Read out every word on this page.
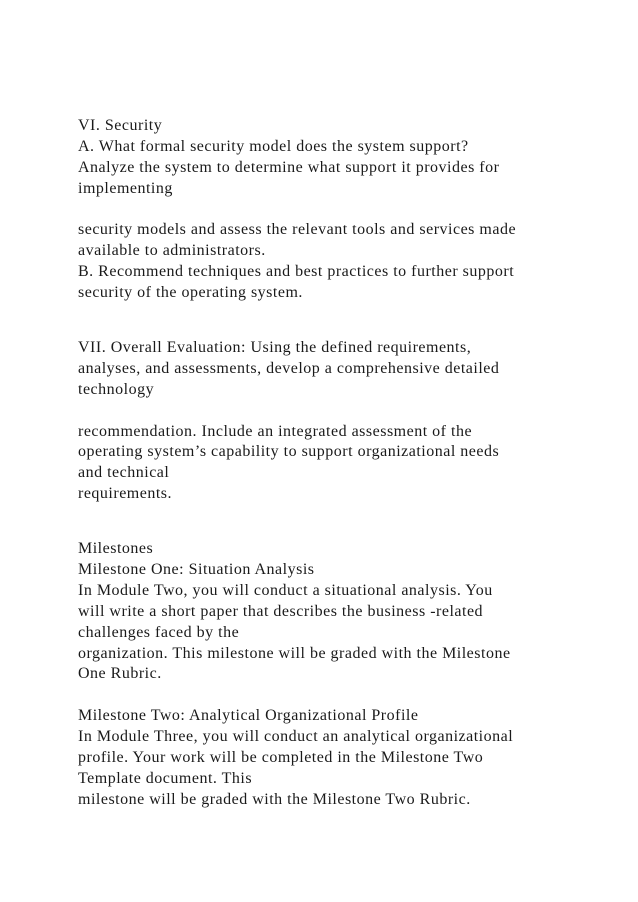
VI. Security
A. What formal security model does the system support?
Analyze the system to determine what support it provides for
implementing
security models and assess the relevant tools and services made
available to administrators.
B. Recommend techniques and best practices to further support
security of the operating system.
VII. Overall Evaluation: Using the defined requirements,
analyses, and assessments, develop a comprehensive detailed
technology
recommendation. Include an integrated assessment of the
operating system’s capability to support organizational needs
and technical
requirements.
Milestones
Milestone One: Situation Analysis
In Module Two, you will conduct a situational analysis. You
will write a short paper that describes the business -related
challenges faced by the
organization. This milestone will be graded with the Milestone
One Rubric.
Milestone Two: Analytical Organizational Profile
In Module Three, you will conduct an analytical organizational
profile. Your work will be completed in the Milestone Two
Template document. This
milestone will be graded with the Milestone Two Rubric.
